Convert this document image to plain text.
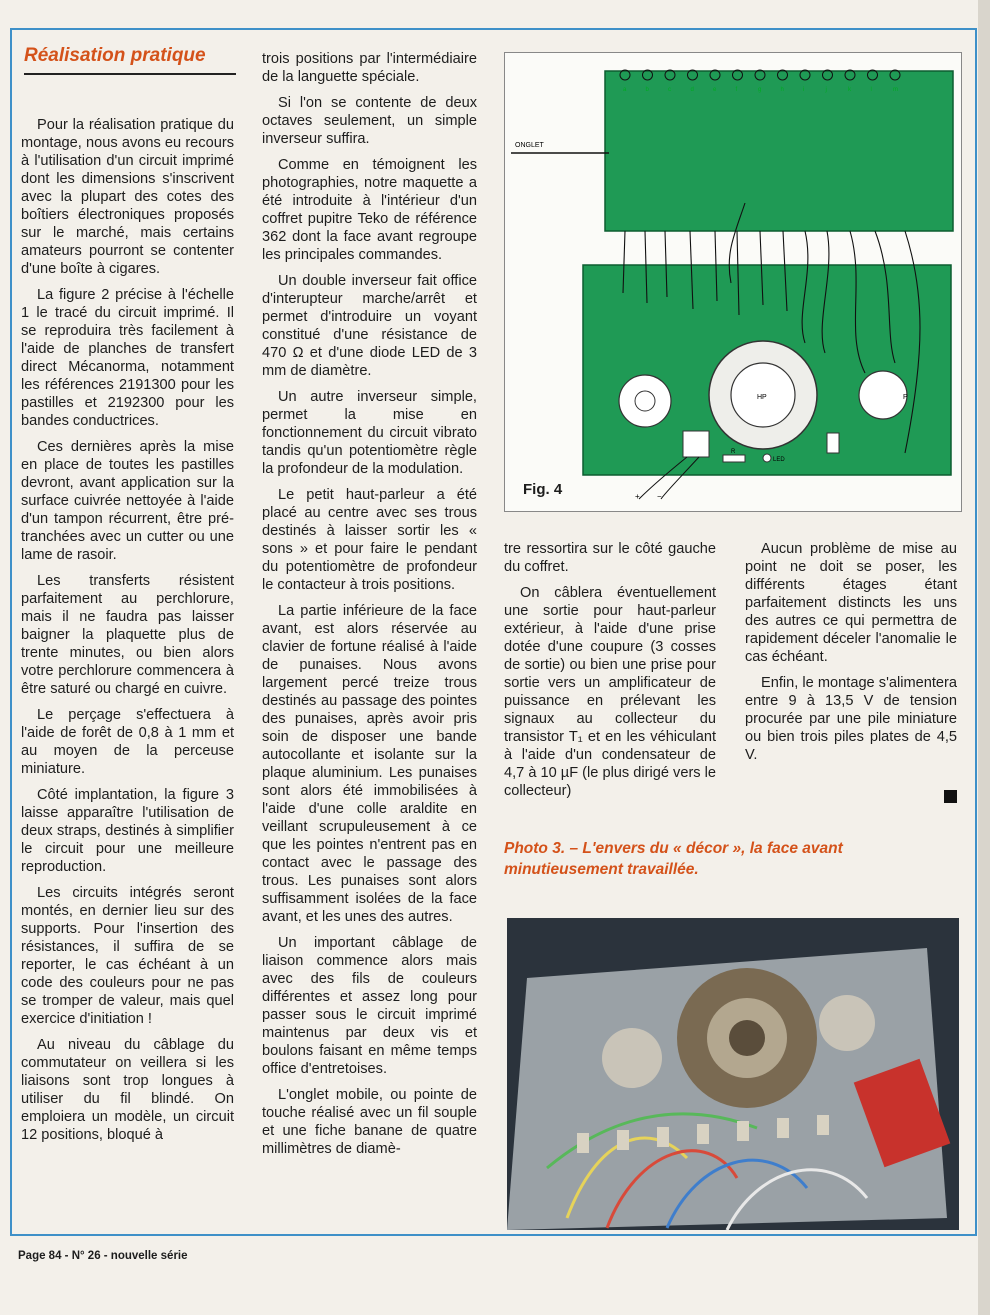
Réalisation pratique

Pour la réalisation pratique du montage, nous avons eu recours à l'utilisation d'un circuit imprimé dont les dimensions s'inscrivent avec la plupart des cotes des boîtiers électroniques proposés sur le marché, mais certains amateurs pourront se contenter d'une boîte à cigares.

La figure 2 précise à l'échelle 1 le tracé du circuit imprimé. Il se reproduira très facilement à l'aide de planches de transfert direct Mécanorma, notamment les références 2191300 pour les pastilles et 2192300 pour les bandes conductrices.

Ces dernières après la mise en place de toutes les pastilles devront, avant application sur la surface cuivrée nettoyée à l'aide d'un tampon récurrent, être pré-tranchées avec un cutter ou une lame de rasoir.

Les transferts résistent parfaitement au perchlorure, mais il ne faudra pas laisser baigner la plaquette plus de trente minutes, ou bien alors votre perchlorure commencera à être saturé ou chargé en cuivre.

Le perçage s'effectuera à l'aide de forêt de 0,8 à 1 mm et au moyen de la perceuse miniature.

Côté implantation, la figure 3 laisse apparaître l'utilisation de deux straps, destinés à simplifier le circuit pour une meilleure reproduction.

Les circuits intégrés seront montés, en dernier lieu sur des supports. Pour l'insertion des résistances, il suffira de se reporter, le cas échéant à un code des couleurs pour ne pas se tromper de valeur, mais quel exercice d'initiation !

Au niveau du câblage du commutateur on veillera si les liaisons sont trop longues à utiliser du fil blindé. On emploiera un modèle, un circuit 12 positions, bloqué à

trois positions par l'intermédiaire de la languette spéciale.

Si l'on se contente de deux octaves seulement, un simple inverseur suffira.

Comme en témoignent les photographies, notre maquette a été introduite à l'intérieur d'un coffret pupitre Teko de référence 362 dont la face avant regroupe les principales commandes.

Un double inverseur fait office d'interupteur marche/arrêt et permet d'introduire un voyant constitué d'une résistance de 470 Ω et d'une diode LED de 3 mm de diamètre.

Un autre inverseur simple, permet la mise en fonctionnement du circuit vibrato tandis qu'un potentiomètre règle la profondeur de la modulation.

Le petit haut-parleur a été placé au centre avec ses trous destinés à laisser sortir les « sons » et pour faire le pendant du potentiomètre de profondeur le contacteur à trois positions.

La partie inférieure de la face avant, est alors réservée au clavier de fortune réalisé à l'aide de punaises. Nous avons largement percé treize trous destinés au passage des pointes des punaises, après avoir pris soin de disposer une bande autocollante et isolante sur la plaque aluminium. Les punaises sont alors été immobilisées à l'aide d'une colle araldite en veillant scrupuleusement à ce que les pointes n'entrent pas en contact avec le passage des trous. Les punaises sont alors suffisamment isolées de la face avant, et les unes des autres.

Un important câblage de liaison commence alors mais avec des fils de couleurs différentes et assez long pour passer sous le circuit imprimé maintenus par deux vis et boulons faisant en même temps office d'entretoises.

L'onglet mobile, ou pointe de touche réalisé avec un fil souple et une fiche banane de quatre millimètres de diamè-

tre ressortira sur le côté gauche du coffret.

On câblera éventuellement une sortie pour haut-parleur extérieur, à l'aide d'une prise dotée d'une coupure (3 cosses de sortie) ou bien une prise pour sortie vers un amplificateur de puissance en prélevant les signaux au collecteur du transistor T₁ et en les véhiculant à l'aide d'un condensateur de 4,7 à 10 µF (le plus dirigé vers le collecteur)

Aucun problème de mise au point ne doit se poser, les différents étages étant parfaitement distincts les uns des autres ce qui permettra de rapidement déceler l'anomalie le cas échéant.

Enfin, le montage s'alimentera entre 9 à 13,5 V de tension procurée par une pile miniature ou bien trois piles plates de 4,5 V.

a	b	c	d	e	f	g	h	i	j	k	l	m
ONGLET
HP	P
R
LED
+ −
Fig. 4
Photo 3. – L'envers du « décor », la face avant minutieusement travaillée.
Page 84 - N° 26 - nouvelle série
